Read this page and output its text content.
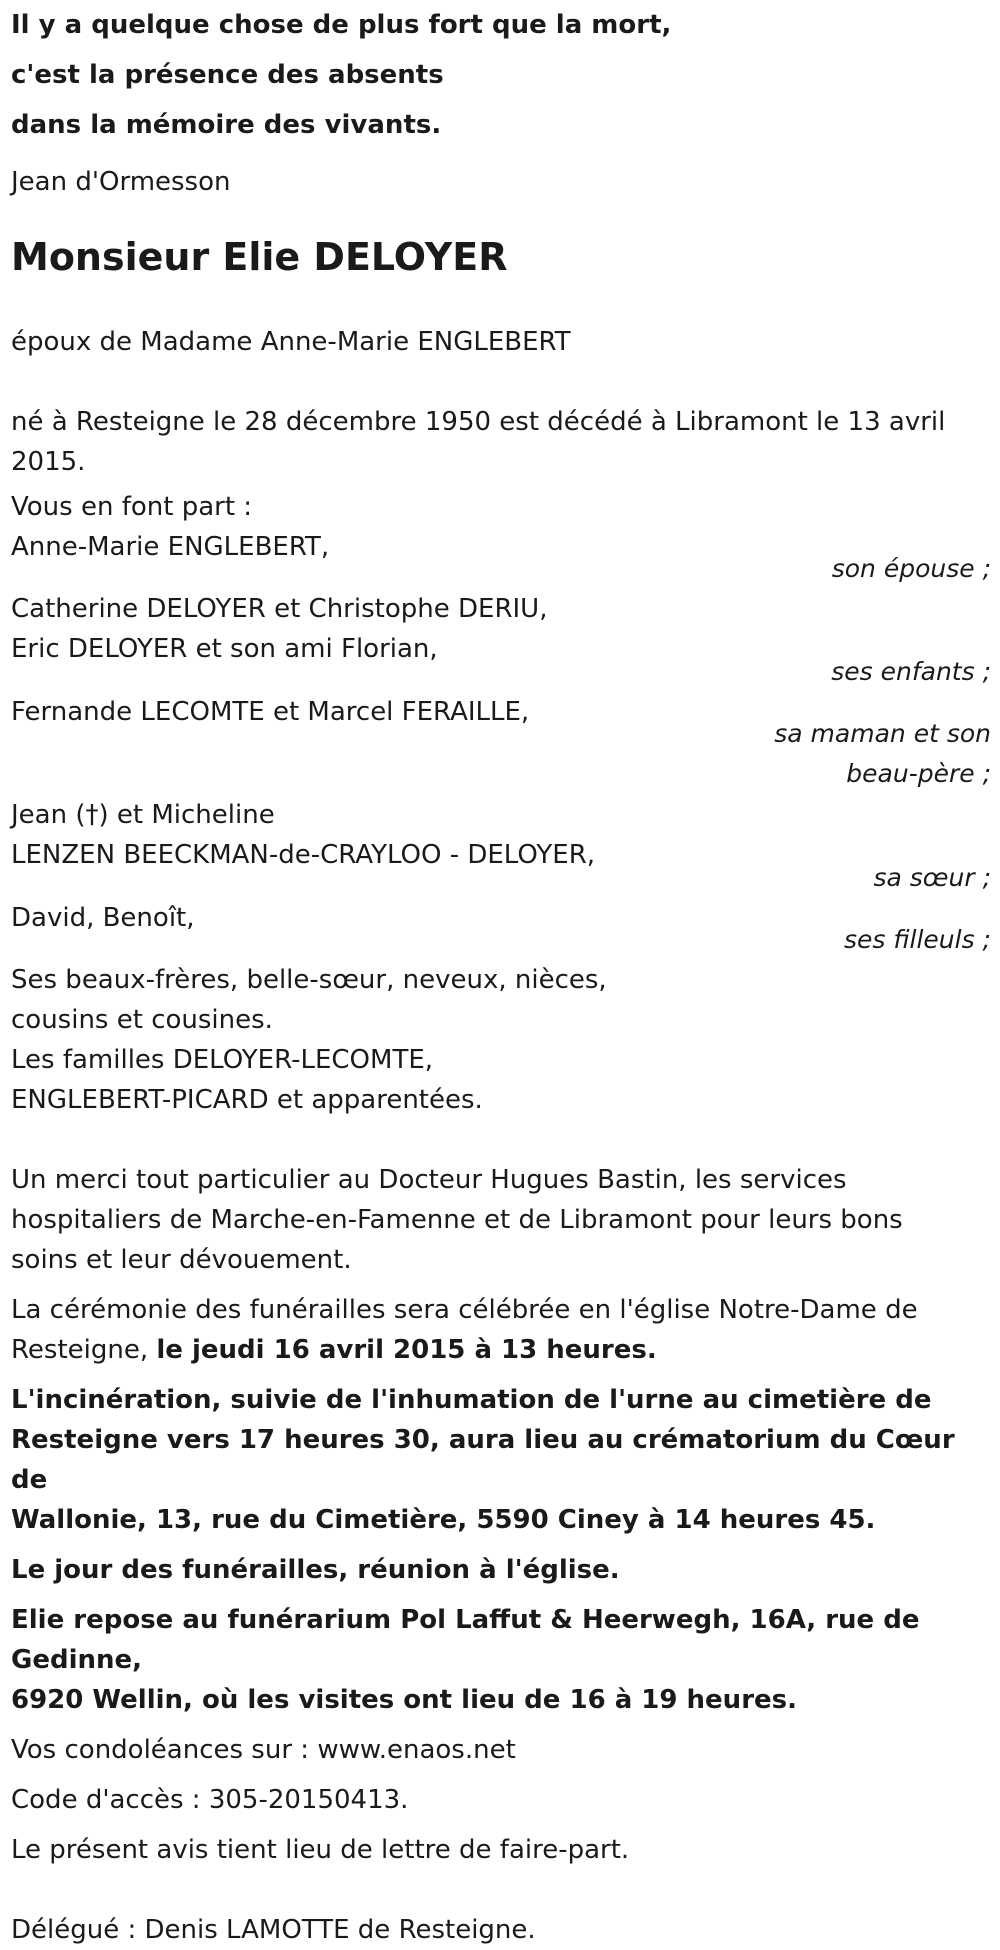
Il y a quelque chose de plus fort que la mort,
c'est la présence des absents
dans la mémoire des vivants.
Jean d'Ormesson
Monsieur Elie DELOYER
époux de Madame Anne-Marie ENGLEBERT
né à Resteigne le 28 décembre 1950 est décédé à Libramont le 13 avril 2015.
Vous en font part :
Anne-Marie ENGLEBERT,
son épouse ;
Catherine DELOYER et Christophe DERIU,
Eric DELOYER et son ami Florian,
ses enfants ;
Fernande LECOMTE et Marcel FERAILLE,
sa maman et son
beau-père ;
Jean (†) et Micheline
LENZEN BEECKMAN-de-CRAYLOO - DELOYER,
sa sœur ;
David, Benoît,
ses filleuls ;
Ses beaux-frères, belle-sœur, neveux, nièces,
cousins et cousines.
Les familles DELOYER-LECOMTE,
ENGLEBERT-PICARD et apparentées.
Un merci tout particulier au Docteur Hugues Bastin, les services
hospitaliers de Marche-en-Famenne et de Libramont pour leurs bons
soins et leur dévouement.
La cérémonie des funérailles sera célébrée en l'église Notre-Dame de
Resteigne, le jeudi 16 avril 2015 à 13 heures.
L'incinération, suivie de l'inhumation de l'urne au cimetière de
Resteigne vers 17 heures 30, aura lieu au crématorium du Cœur de
Wallonie, 13, rue du Cimetière, 5590 Ciney à 14 heures 45.
Le jour des funérailles, réunion à l'église.
Elie repose au funérarium Pol Laffut & Heerwegh, 16A, rue de Gedinne,
6920 Wellin, où les visites ont lieu de 16 à 19 heures.
Vos condoléances sur : www.enaos.net
Code d'accès : 305-20150413.
Le présent avis tient lieu de lettre de faire-part.
Délégué : Denis LAMOTTE de Resteigne.
